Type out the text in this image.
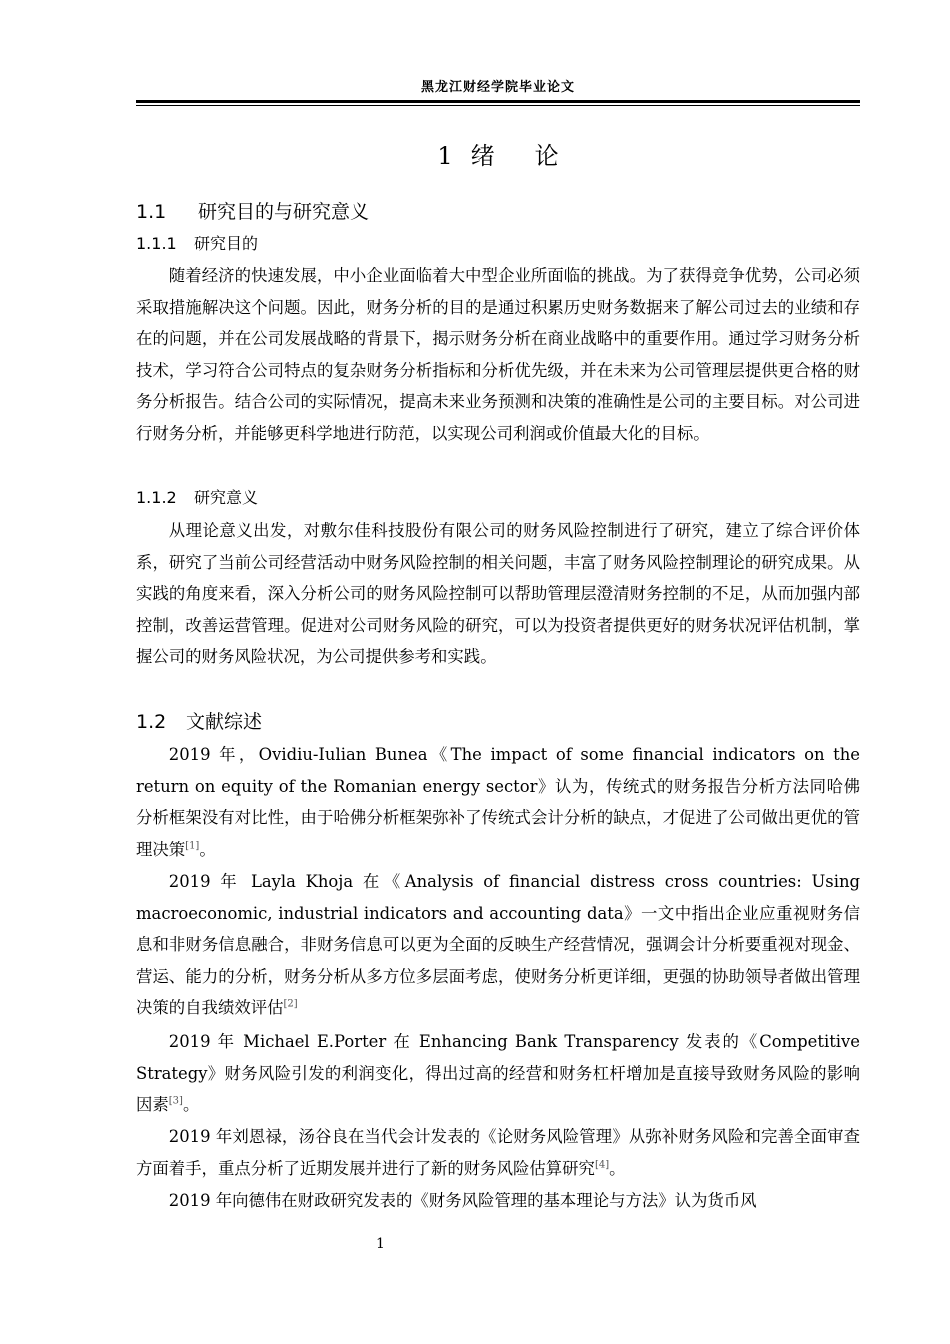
黑龙江财经学院毕业论文
1 绪论
1.1 研究目的与研究意义
1.1.1 研究目的

随着经济的快速发展，中小企业面临着大中型企业所面临的挑战。为了获得竞争优势，公司必须采取措施解决这个问题。因此，财务分析的目的是通过积累历史财务数据来了解公司过去的业绩和存在的问题，并在公司发展战略的背景下，揭示财务分析在商业战略中的重要作用。通过学习财务分析技术，学习符合公司特点的复杂财务分析指标和分析优先级，并在未来为公司管理层提供更合格的财务分析报告。结合公司的实际情况，提高未来业务预测和决策的准确性是公司的主要目标。对公司进行财务分析，并能够更科学地进行防范，以实现公司利润或价值最大化的目标。

1.1.2 研究意义

从理论意义出发，对敷尔佳科技股份有限公司的财务风险控制进行了研究，建立了综合评价体系，研究了当前公司经营活动中财务风险控制的相关问题，丰富了财务风险控制理论的研究成果。从实践的角度来看，深入分析公司的财务风险控制可以帮助管理层澄清财务控制的不足，从而加强内部控制，改善运营管理。促进对公司财务风险的研究，可以为投资者提供更好的财务状况评估机制，掌握公司的财务风险状况，为公司提供参考和实践。

1.2 文献综述

2019 年，Ovidiu-Iulian Bunea《The impact of some financial indicators on the return on equity of the Romanian energy sector》认为，传统式的财务报告分析方法同哈佛分析框架没有对比性，由于哈佛分析框架弥补了传统式会计分析的缺点，才促进了公司做出更优的管理决策[1]。

2019 年 Layla Khoja 在《Analysis of financial distress cross countries: Using macroeconomic, industrial indicators and accounting data》一文中指出企业应重视财务信息和非财务信息融合，非财务信息可以更为全面的反映生产经营情况，强调会计分析要重视对现金、营运、能力的分析，财务分析从多方位多层面考虑，使财务分析更详细，更强的协助领导者做出管理决策的自我绩效评估[2]

2019 年 Michael E.Porter 在 Enhancing Bank Transparency 发表的《Competitive Strategy》财务风险引发的利润变化，得出过高的经营和财务杠杆增加是直接导致财务风险的影响因素[3]。

2019 年刘恩禄，汤谷良在当代会计发表的《论财务风险管理》从弥补财务风险和完善全面审查方面着手，重点分析了近期发展并进行了新的财务风险估算研究[4]。

2019 年向德伟在财政研究发表的《财务风险管理的基本理论与方法》认为货币风

1
